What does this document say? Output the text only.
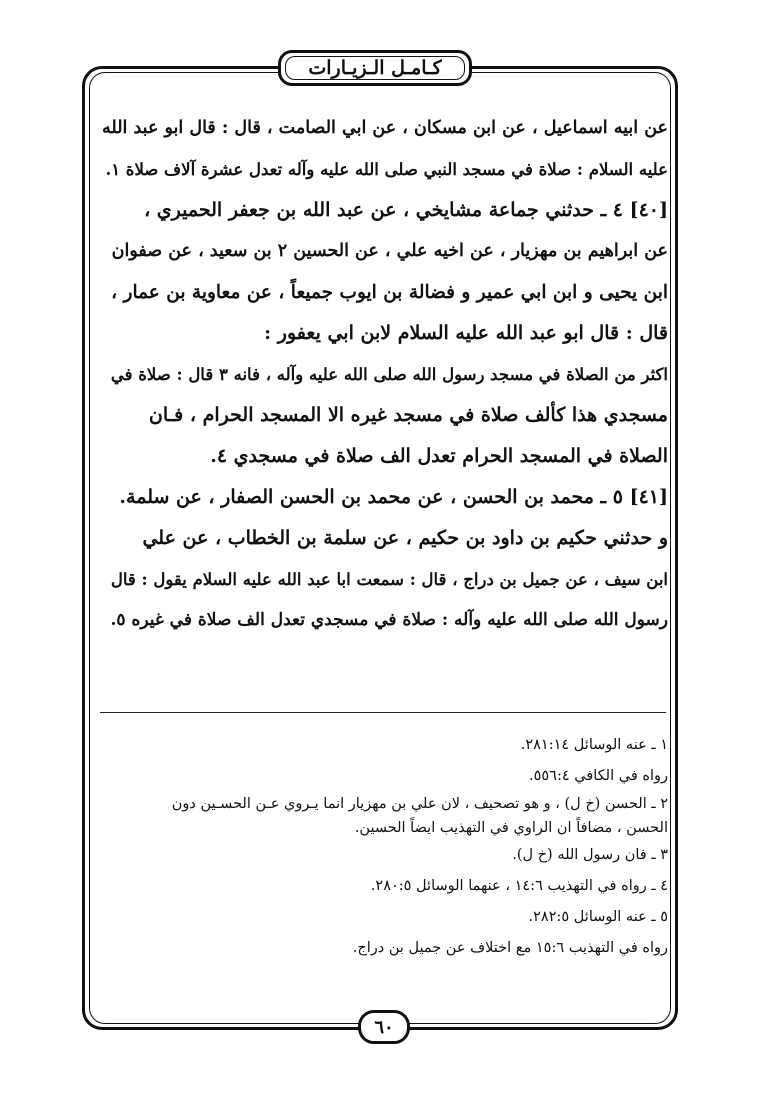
كـامـل الـزيـارات

عن ابيه اسماعيل ، عن ابن مسكان ، عن ابي الصامت ، قال : قال ابو عبد الله

عليه السلام : صلاة في مسجد النبي صلى الله عليه وآله تعدل عشرة آلاف صلاة ١.

[٤٠] ٤ ـ حدثني جماعة مشايخي ، عن عبد الله بن جعفر الحميري ،

عن ابراهيم بن مهزيار ، عن اخيه علي ، عن الحسين ٢ بن سعيد ، عن صفوان

ابن يحيى و ابن ابي عمير و فضالة بن ايوب جميعاً ، عن معاوية بن عمار ،

قال : قال ابو عبد الله عليه السلام لابن ابي يعفور :

اكثر من الصلاة في مسجد رسول الله صلى الله عليه وآله ، فانه ٣ قال : صلاة في

مسجدي هذا كألف صلاة في مسجد غيره الا المسجد الحرام ، فـان

الصلاة في المسجد الحرام تعدل الف صلاة في مسجدي ٤.

[٤١] ٥ ـ محمد بن الحسن ، عن محمد بن الحسن الصفار ، عن سلمة.

و حدثني حكيم بن داود بن حكيم ، عن سلمة بن الخطاب ، عن علي

ابن سيف ، عن جميل بن دراج ، قال : سمعت ابا عبد الله عليه السلام يقول : قال

رسول الله صلى الله عليه وآله : صلاة في مسجدي تعدل الف صلاة في غيره ٥.

١ ـ عنه الوسائل ٢٨١:١٤.

رواه في الكافي ٥٥٦:٤.

٢ ـ الحسن (خ ل) ، و هو تصحيف ، لان علي بن مهزيار انما يـروي عـن الحسـين دون

الحسن ، مضافاً ان الراوي في التهذيب ايضاً الحسين.

٣ ـ فان رسول الله (خ ل).

٤ ـ رواه في التهذيب ١٤:٦ ، عنهما الوسائل ٢٨٠:٥.

٥ ـ عنه الوسائل ٢٨٢:٥.

رواه في التهذيب ١٥:٦ مع اختلاف عن جميل بن دراج.

٦٠
